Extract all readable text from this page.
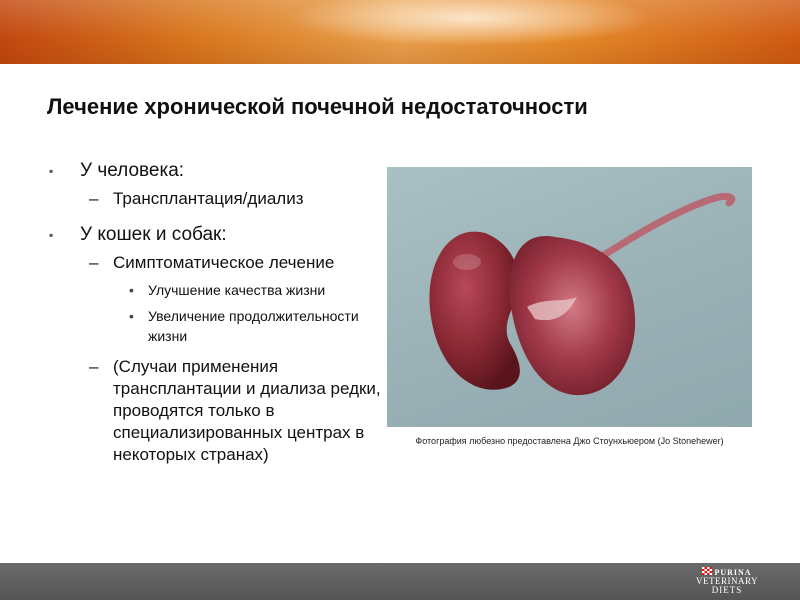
Лечение хронической почечной недостаточности
▪ У человека:
– Трансплантация/диализ
▪ У кошек и собак:
– Симптоматическое лечение
• Улучшение качества жизни
• Увеличение продолжительности жизни
– (Случаи применения трансплантации и диализа редки, проводятся только в специализированных центрах в некоторых странах)
Фотография любезно предоставлена Джо Стоунхьюером (Jo Stonehewer)
PURINA
VETERINARY
DIETS
